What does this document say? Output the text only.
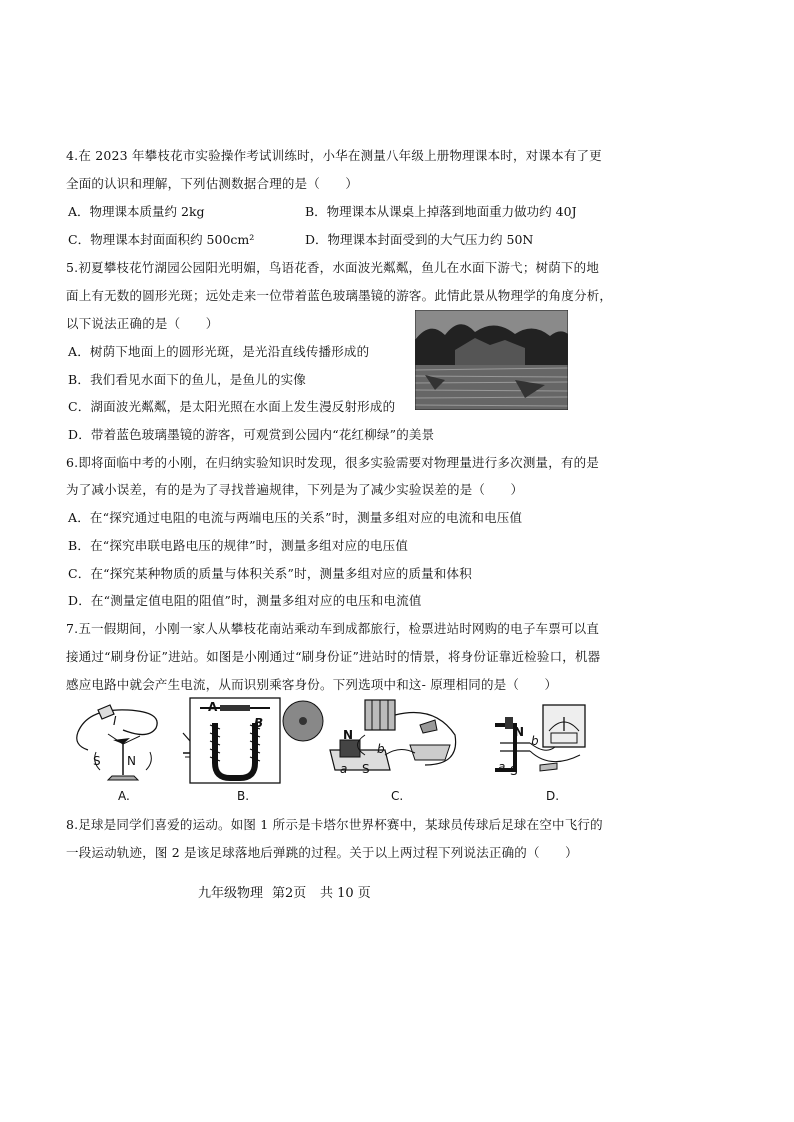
4.在 2023 年攀枝花市实验操作考试训练时，小华在测量八年级上册物理课本时，对课本有了更
全面的认识和理解，下列估测数据合理的是（　　）
A．物理课本质量约 2kg	B．物理课本从课桌上掉落到地面重力做功约 40J
C．物理课本封面面积约 500cm²	D．物理课本封面受到的大气压力约 50N
5.初夏攀枝花竹湖园公园阳光明媚，鸟语花香，水面波光粼粼，鱼儿在水面下游弋；树荫下的地
面上有无数的圆形光斑；远处走来一位带着蓝色玻璃墨镜的游客。此情此景从物理学的角度分析，
以下说法正确的是（　　）
A．树荫下地面上的圆形光斑，是光沿直线传播形成的
B．我们看见水面下的鱼儿，是鱼儿的实像
C．湖面波光粼粼，是太阳光照在水面上发生漫反射形成的
D．带着蓝色玻璃墨镜的游客，可观赏到公园内“花红柳绿”的美景
6.即将面临中考的小刚，在归纳实验知识时发现，很多实验需要对物理量进行多次测量，有的是
为了减小误差，有的是为了寻找普遍规律，下列是为了减少实验误差的是（　　）
A．在“探究通过电阻的电流与两端电压的关系”时，测量多组对应的电流和电压值
B．在“探究串联电路电压的规律”时，测量多组对应的电压值
C．在“探究某种物质的质量与体积关系”时，测量多组对应的质量和体积
D．在“测量定值电阻的阻值”时，测量多组对应的电压和电流值
7.五一假期间，小刚一家人从攀枝花南站乘动车到成都旅行，检票进站时网购的电子车票可以直
接通过“刷身份证”进站。如图是小刚通过“刷身份证”进站时的情景，将身份证靠近检验口，机器
感应电路中就会产生电流，从而识别乘客身份。下列选项中和这- 原理相同的是（　　）
I
S N
A
B
N
b
a S
N
b
a S
A.	B.	C.	D.
8.足球是同学们喜爱的运动。如图 1 所示是卡塔尔世界杯赛中，某球员传球后足球在空中飞行的
一段运动轨迹，图 2 是该足球落地后弹跳的过程。关于以上两过程下列说法正确的（　　）
九年级物理 第2页 共 10 页
